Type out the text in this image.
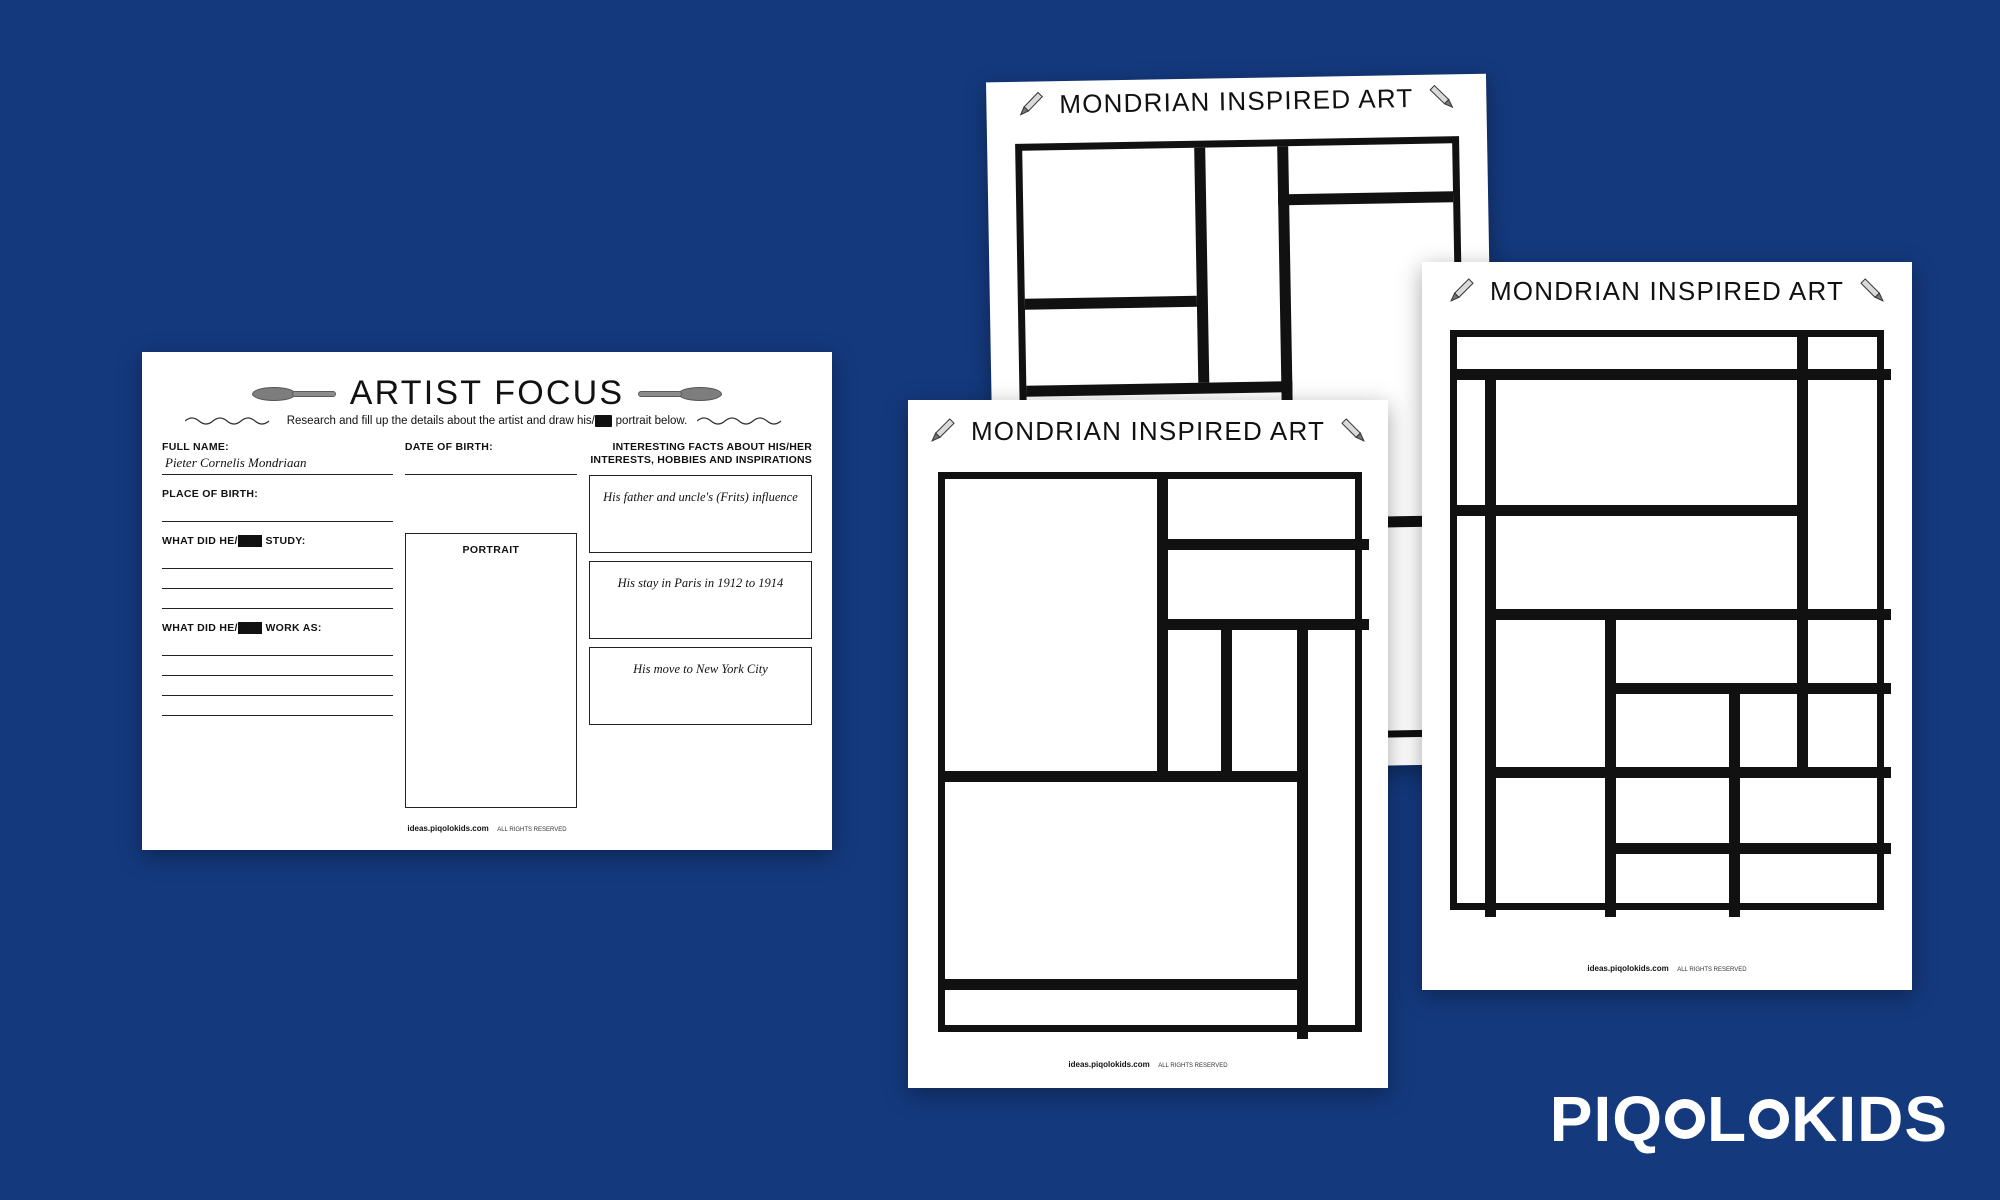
MONDRIAN INSPIRED ART
MONDRIAN INSPIRED ART
ideas.piqolokids.com ALL RIGHTS RESERVED
MONDRIAN INSPIRED ART
ideas.piqolokids.com ALL RIGHTS RESERVED
ARTIST FOCUS
Research and fill up the details about the artist and draw his/ her portrait below.
FULL NAME:
Pieter Cornelis Mondriaan
PLACE OF BIRTH:
WHAT DID HE/SHE STUDY:
WHAT DID HE/SHE WORK AS:
DATE OF BIRTH:
PORTRAIT
INTERESTING FACTS ABOUT HIS/HER
INTERESTS, HOBBIES AND INSPIRATIONS
His father and uncle's (Frits) influence
His stay in Paris in 1912 to 1914
His move to New York City
ideas.piqolokids.com ALL RIGHTS RESERVED
PIQ L KIDS
